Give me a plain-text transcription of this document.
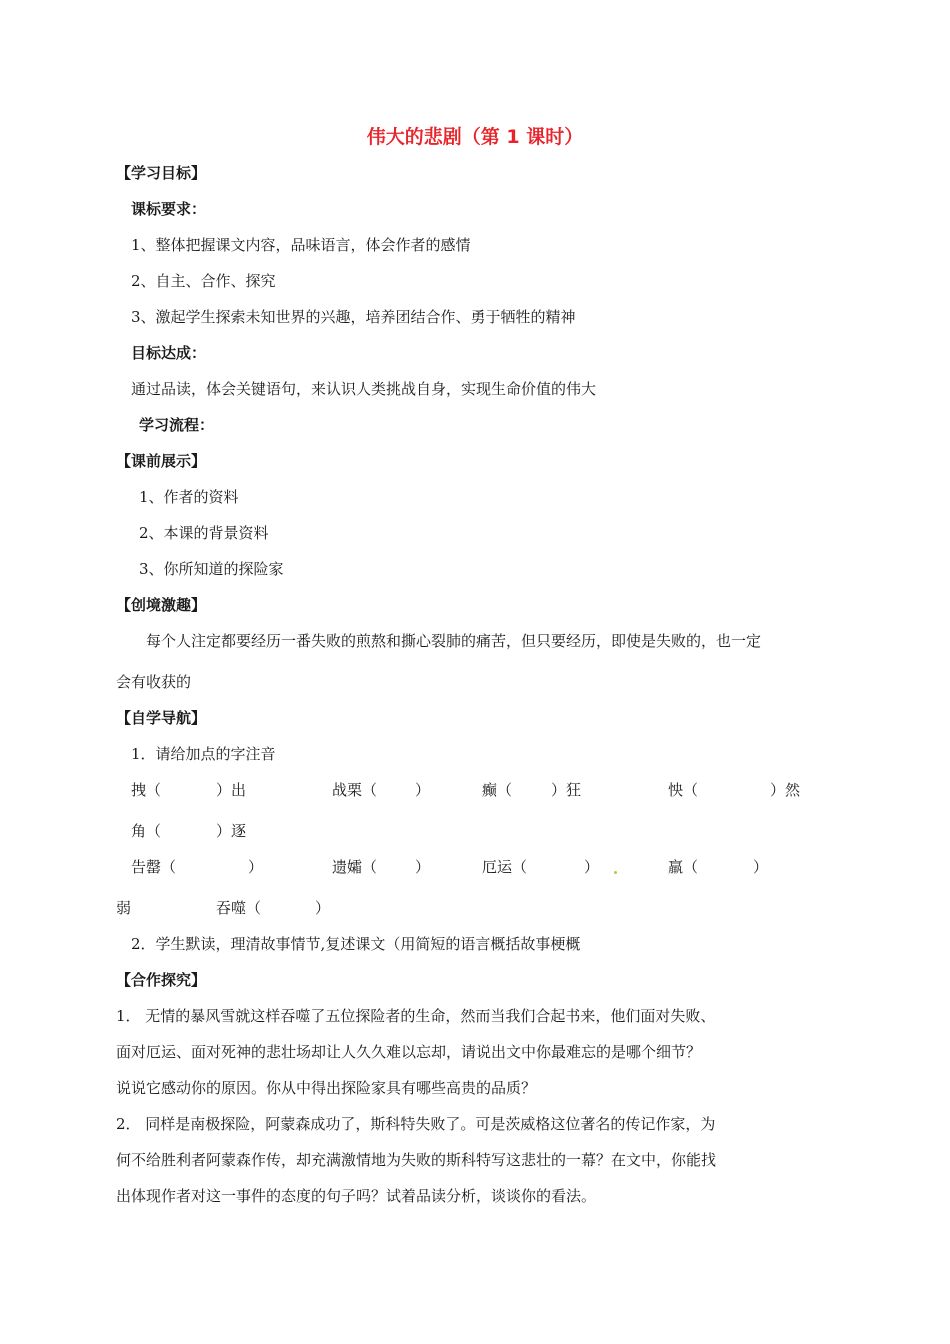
伟大的悲剧（第 1 课时）
【学习目标】
课标要求：
1、整体把握课文内容，品味语言，体会作者的感情
2、自主、合作、探究
3、激起学生探索未知世界的兴趣，培养团结合作、勇于牺牲的精神
目标达成：
通过品读，体会关键语句，来认识人类挑战自身，实现生命价值的伟大
学习流程：
【课前展示】
1、作者的资料
2、本课的背景资料
3、你所知道的探险家
【创境激趣】
每个人注定都要经历一番失败的煎熬和撕心裂肺的痛苦，但只要经历，即使是失败的，也一定
会有收获的
【自学导航】
1．请给加点的字注音
拽（	）出	战栗（	）	癫（	）狂	怏（	）然
角（	）逐
告罄（	）	遗孀（	）	厄运（	）	羸（	）
弱	吞噬（	）
2．学生默读，理清故事情节,复述课文（用简短的语言概括故事梗概
【合作探究】
1． 无情的暴风雪就这样吞噬了五位探险者的生命，然而当我们合起书来，他们面对失败、
面对厄运、面对死神的悲壮场却让人久久难以忘却，请说出文中你最难忘的是哪个细节？
说说它感动你的原因。你从中得出探险家具有哪些高贵的品质？
2． 同样是南极探险，阿蒙森成功了，斯科特失败了。可是茨威格这位著名的传记作家，为
何不给胜利者阿蒙森作传，却充满激情地为失败的斯科特写这悲壮的一幕？在文中，你能找
出体现作者对这一事件的态度的句子吗？试着品读分析，谈谈你的看法。
